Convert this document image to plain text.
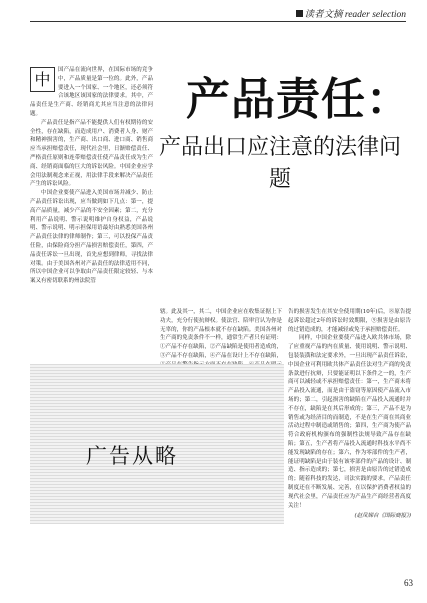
读者文摘 reader selection
产品责任：
产品出口应注意的法律问题
中	国产品在流向世界，在国际市场的竞争中，产品质量是第一位的。此外，产品要进入一个国家、一个地区，还必须符合该地区该国家的法律要求。其中，产品责任是生产商、经销商尤其应当注意的法律问题。

产品责任是指产品不能提供人们有权期待的安全性，存在缺陷，而造成用户、消费者人身、财产和精神损害的，生产商、出口商、进口商、销售商应当承担赔偿责任，现代社会里，日渐赔偿责任、严格责任原则和连带赔偿责任使产品责任成为生产商、经销商面临的巨大的诉讼风险。中国企业应学会用法制观念来正视，用法律手段来解决产品责任产生的诉讼风险。

中国企业要使产品进入美国市场并减少、防止产品责任诉讼出现，应当做到如下几点：第一，提高产品质量，减少产品的不安全因素；第二，充分利用产品说明、警示说明维护自身权益，产品说明、警示说明、明示担保用语最好由熟悉美国各州产品责任法律的律师制作；第三，可以投保产品责任险，由保险商分担产品损害赔偿责任，第四，产品责任诉讼一旦出现，首先应想到律师，寻找法律对策。由于美国各州对产品责任的法律适用不同，所以中国企业可以争取由产品责任限定较轻、与本案又有密切联系的州法院管

辖。此及其一，其二，中国企业应在收集证据上下功夫，充分行使抗辩权。使法官、陪审官认为你是无辜的，你的产品根本就不存在缺陷。美国各州对生产商的免责条件不一样，通常生产者只有证明：①产品不存在缺陷，②产品缺陷是使用者造成的，③产品不存在缺陷，④产品在设计上不存在缺陷，

告的损害发生在其安全使用期(10年)后，⑧原告提起诉讼超过2年的诉讼时效期限，⑨损害是由原告的过错造成的，才能减轻或免于承担赔偿责任。

同样，中国企业要使产品进入欧共体市场，除了应重视产品的内在质量、使用说明、警示说明、包装装潢和法定要求外，一旦出现产品责任诉讼，中国企业可利用欧共体产品责任法对生产商的免责条款进行抗辩，只要能证明以下条件之一的，生产商可以减轻或不承担赔偿责任：第一，生产商未将产品投入流通，而是由于盗窃等原因使产品流入市场的；第二，引起损害的缺陷在产品投入流通时并不存在，缺陷是在其后形成的；第三，产品不是为销售或为经济目的而制造，不是在生产商在其商业活动过程中制造或销售的；第四，生产商为使产品符合政府机构颁布的强制性法规导致产品存在缺陷；第五，生产者将产品投入流通时科技水平尚不能发现缺陷的存在；第六，作为零部件的生产者，能证明缺陷是由于装有该零部件的产品的设计、制造、指示造成的；第七，损害是由原告的过错造成的；随着科技的发达，司法实践的要求，产品责任制度还在不断发展、完善，在以保护消费者权益的现代社会里，产品责任应为产品生产商经营者高度关注！

(赵凤娣自《国际商报》)
广告从略
63
